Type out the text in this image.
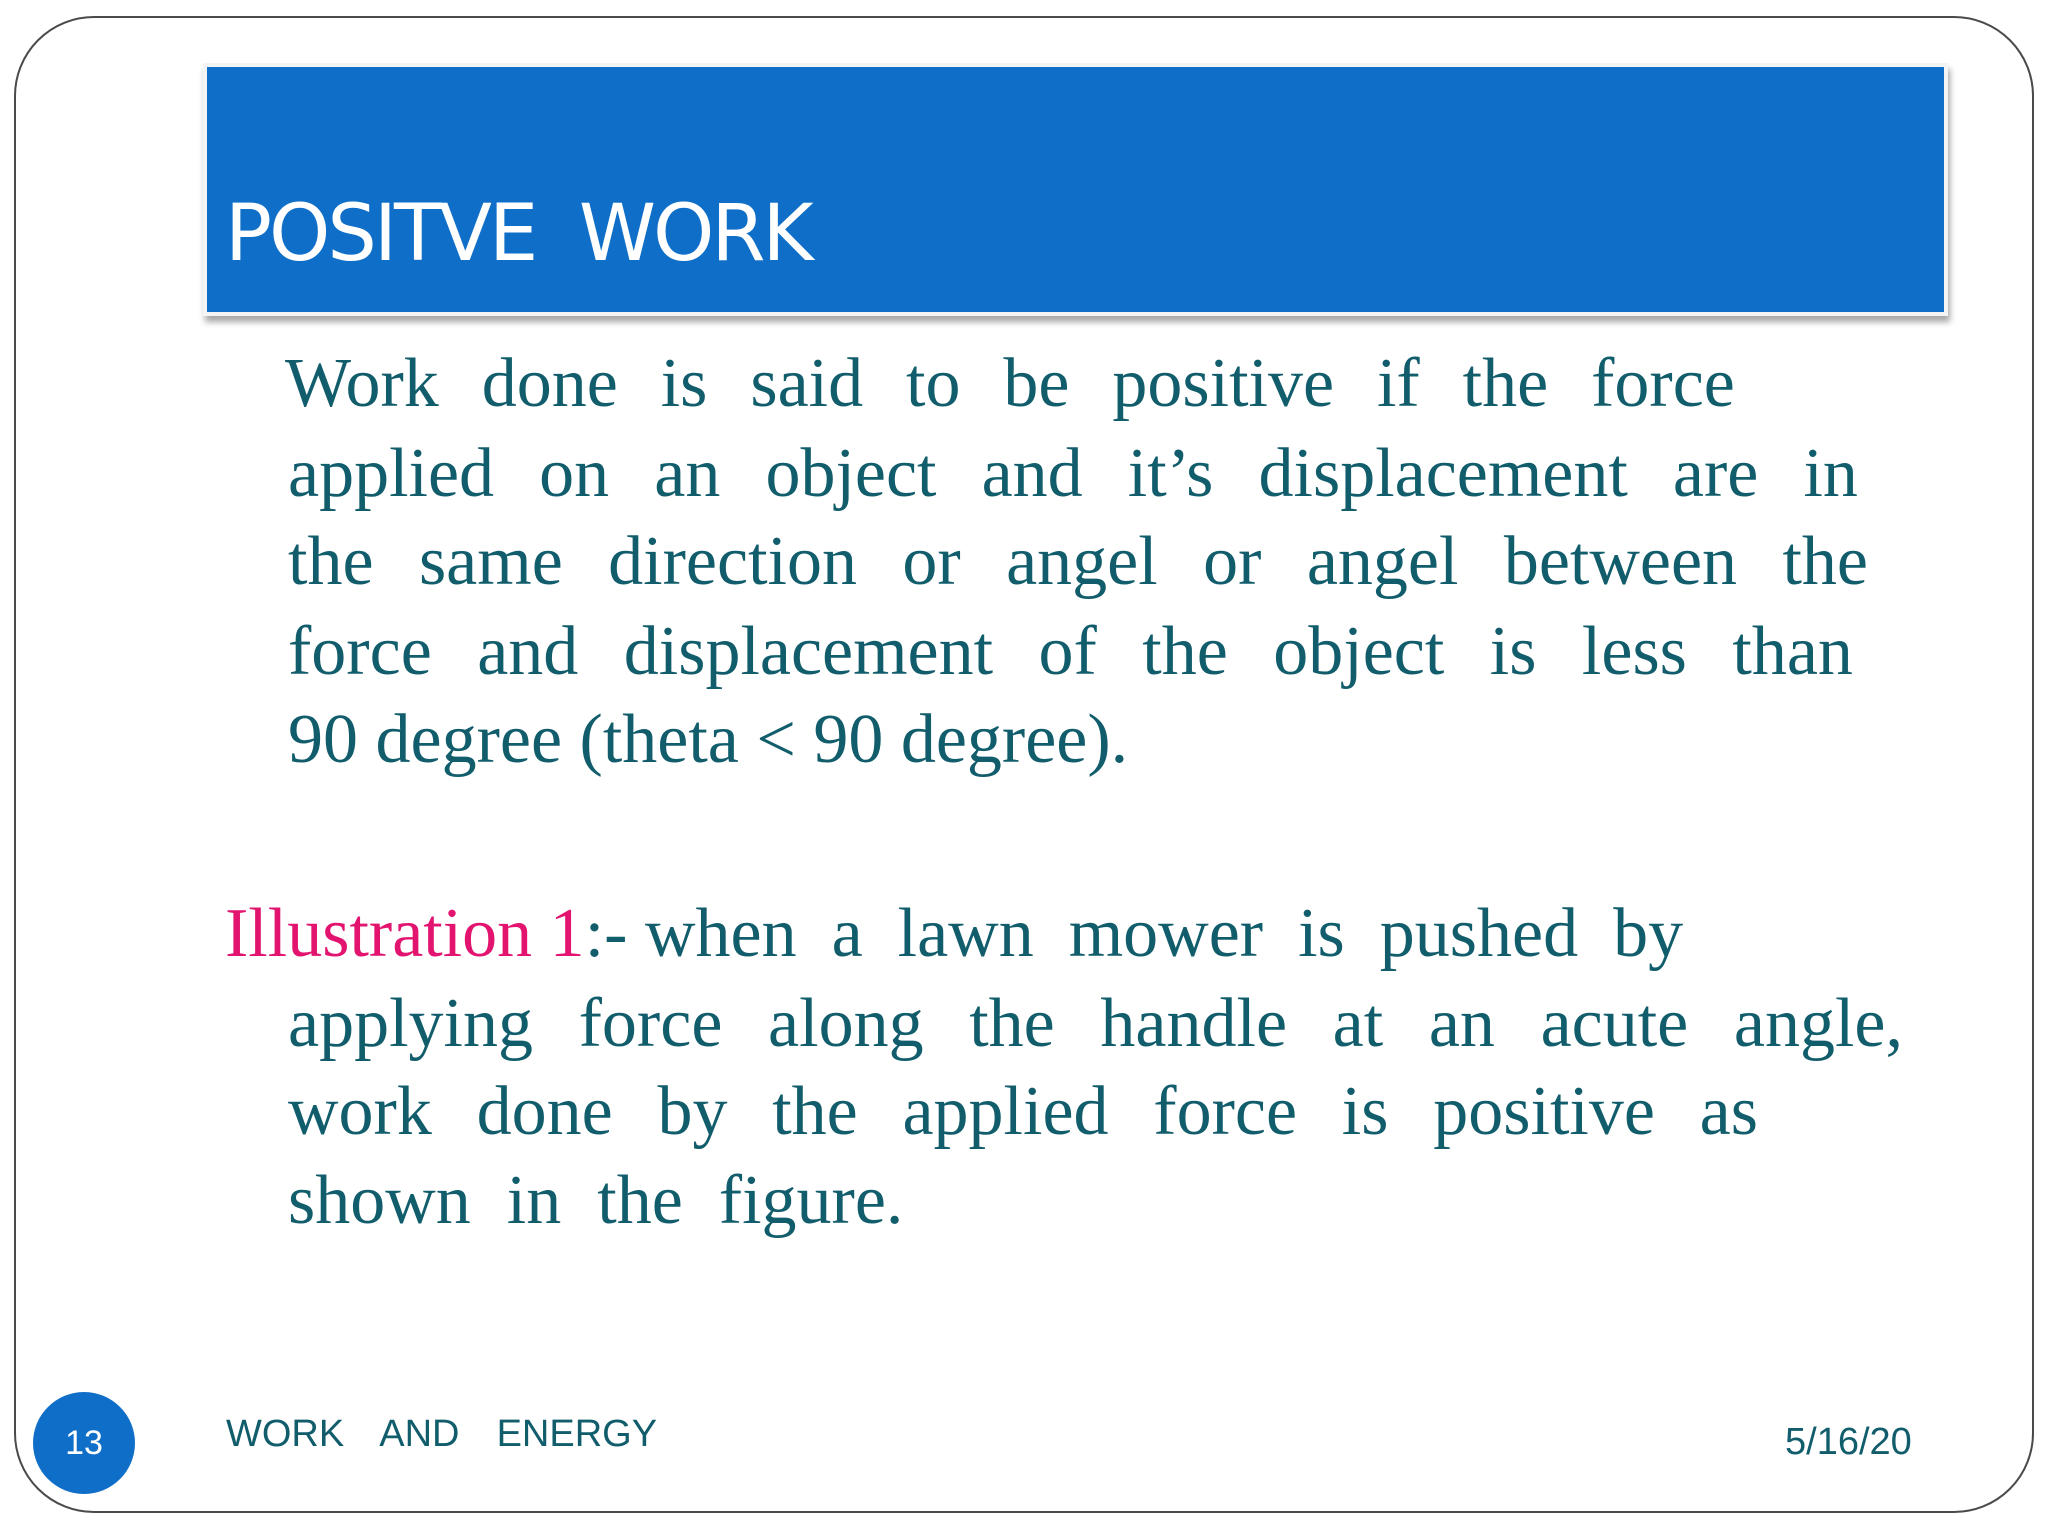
POSITVE  WORK
Work done is said to be positive if the force
applied on an object and it’s displacement are in
the same direction or angel or angel between the
force and displacement of the object is less than
90 degree (theta < 90 degree).
Illustration 1:- when  a  lawn  mower  is  pushed  by
applying force along the handle at an acute angle,
work done by the applied force is positive as
shown in the figure.
13	WORK  AND  ENERGY	5/16/20
